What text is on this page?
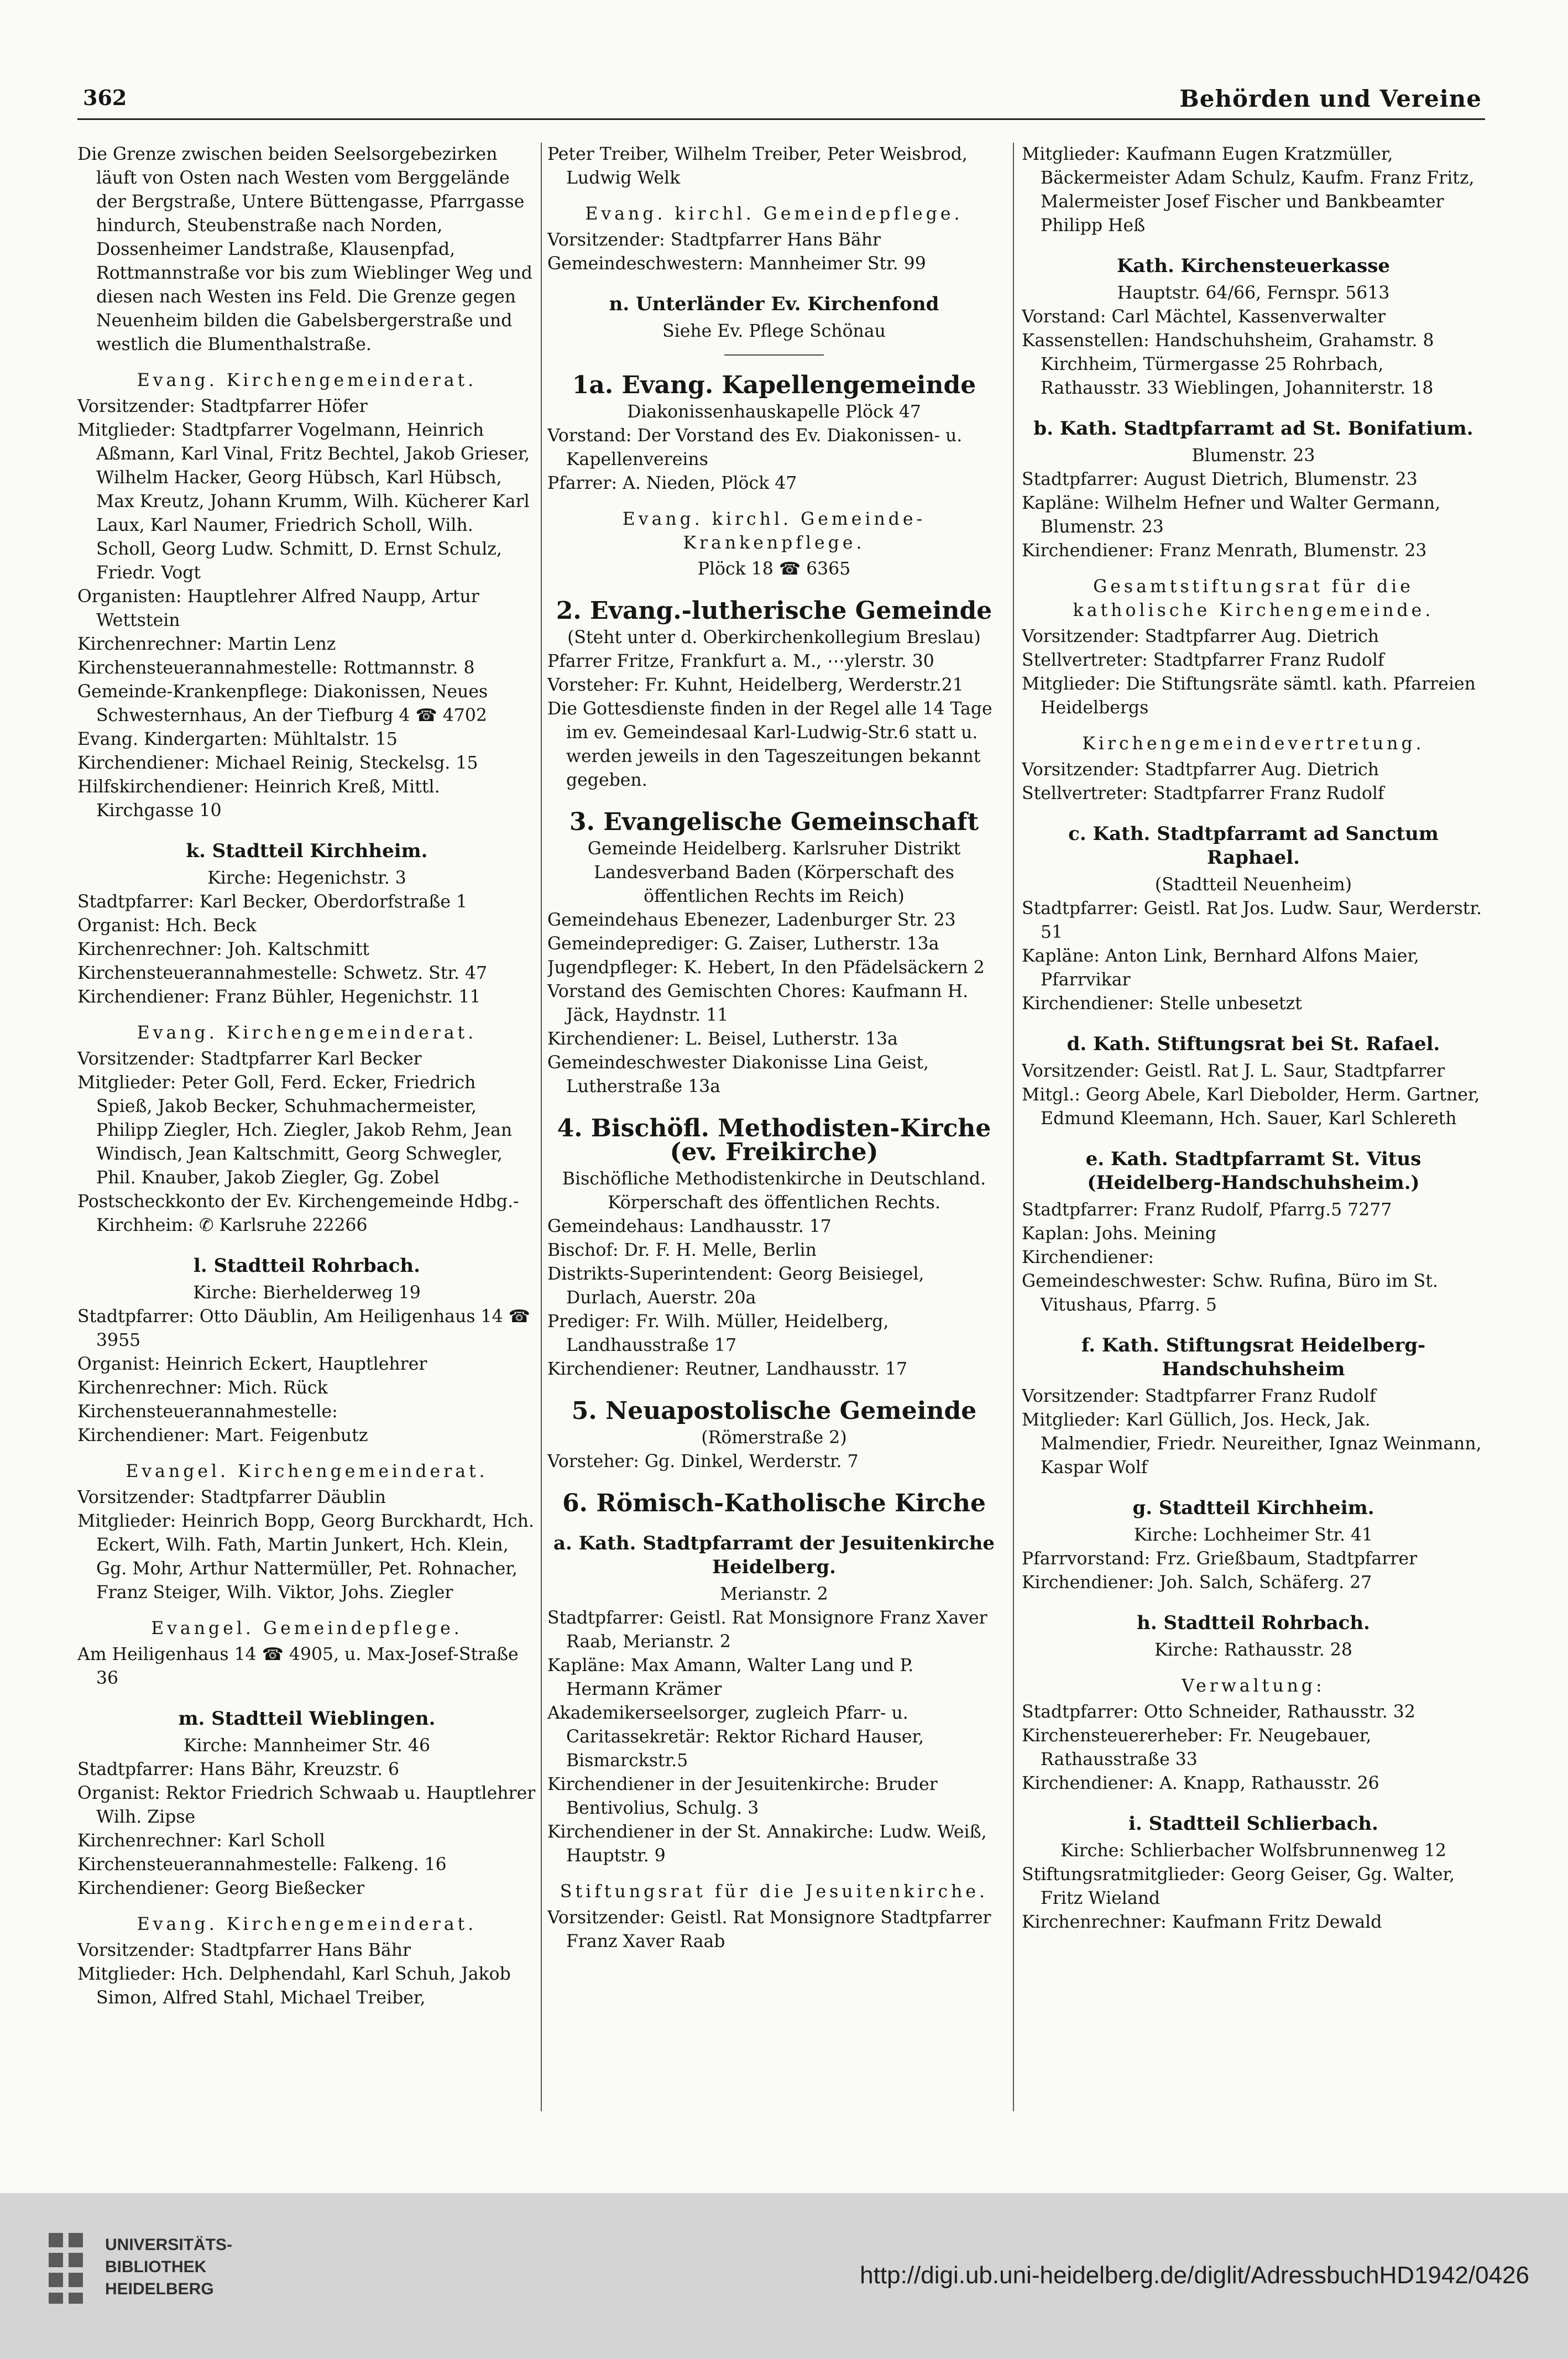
362	Behörden und Vereine
Die Grenze zwischen beiden Seelsorgebezirken läuft von Osten nach Westen vom Berggelände der Bergstraße, Untere Büttengasse, Pfarrgasse hindurch, Steubenstraße nach Norden, Dossenheimer Landstraße, Klausenpfad, Rottmannstraße vor bis zum Wieblinger Weg und diesen nach Westen ins Feld. Die Grenze gegen Neuenheim bilden die Gabelsbergerstraße und westlich die Blumenthalstraße.
Evang. Kirchengemeinderat.
Vorsitzender: Stadtpfarrer Höfer
Mitglieder: Stadtpfarrer Vogelmann, Heinrich Aßmann, Karl Vinal, Fritz Bechtel, Jakob Grieser, Wilhelm Hacker, Georg Hübsch, Karl Hübsch, Max Kreutz, Johann Krumm, Wilh. Kücherer Karl Laux, Karl Naumer, Friedrich Scholl, Wilh. Scholl, Georg Ludw. Schmitt, D. Ernst Schulz, Friedr. Vogt
Organisten: Hauptlehrer Alfred Naupp, Artur Wettstein
Kirchenrechner: Martin Lenz
Kirchensteuerannahmestelle: Rottmannstr. 8
Gemeinde-Krankenpflege: Diakonissen, Neues Schwesternhaus, An der Tiefburg 4 ☎ 4702
Evang. Kindergarten: Mühltalstr. 15
Kirchendiener: Michael Reinig, Steckelsg. 15
Hilfskirchendiener: Heinrich Kreß, Mittl. Kirchgasse 10
k. Stadtteil Kirchheim.
Kirche: Hegenichstr. 3
Stadtpfarrer: Karl Becker, Oberdorfstraße 1
Organist: Hch. Beck
Kirchenrechner: Joh. Kaltschmitt
Kirchensteuerannahmestelle: Schwetz. Str. 47
Kirchendiener: Franz Bühler, Hegenichstr. 11
Evang. Kirchengemeinderat.
Vorsitzender: Stadtpfarrer Karl Becker
Mitglieder: Peter Goll, Ferd. Ecker, Friedrich Spieß, Jakob Becker, Schuhmachermeister, Philipp Ziegler, Hch. Ziegler, Jakob Rehm, Jean Windisch, Jean Kaltschmitt, Georg Schwegler, Phil. Knauber, Jakob Ziegler, Gg. Zobel
Postscheckkonto der Ev. Kirchengemeinde Hdbg.-Kirchheim: ✆ Karlsruhe 22266
l. Stadtteil Rohrbach.
Kirche: Bierhelderweg 19
Stadtpfarrer: Otto Däublin, Am Heiligenhaus 14 ☎ 3955
Organist: Heinrich Eckert, Hauptlehrer
Kirchenrechner: Mich. Rück
Kirchensteuerannahmestelle:
Kirchendiener: Mart. Feigenbutz
Evangel. Kirchengemeinderat.
Vorsitzender: Stadtpfarrer Däublin
Mitglieder: Heinrich Bopp, Georg Burckhardt, Hch. Eckert, Wilh. Fath, Martin Junkert, Hch. Klein, Gg. Mohr, Arthur Nattermüller, Pet. Rohnacher, Franz Steiger, Wilh. Viktor, Johs. Ziegler
Evangel. Gemeindepflege.
Am Heiligenhaus 14 ☎ 4905, u. Max-Josef-Straße 36
m. Stadtteil Wieblingen.
Kirche: Mannheimer Str. 46
Stadtpfarrer: Hans Bähr, Kreuzstr. 6
Organist: Rektor Friedrich Schwaab u. Hauptlehrer Wilh. Zipse
Kirchenrechner: Karl Scholl
Kirchensteuerannahmestelle: Falkeng. 16
Kirchendiener: Georg Bießecker
Evang. Kirchengemeinderat.
Vorsitzender: Stadtpfarrer Hans Bähr
Mitglieder: Hch. Delphendahl, Karl Schuh, Jakob Simon, Alfred Stahl, Michael Treiber,
Peter Treiber, Wilhelm Treiber, Peter Weisbrod, Ludwig Welk
Evang. kirchl. Gemeindepflege.
Vorsitzender: Stadtpfarrer Hans Bähr
Gemeindeschwestern: Mannheimer Str. 99
n. Unterländer Ev. Kirchenfond
Siehe Ev. Pflege Schönau
1a. Evang. Kapellengemeinde
Diakonissenhauskapelle Plöck 47
Vorstand: Der Vorstand des Ev. Diakonissen- u. Kapellenvereins
Pfarrer: A. Nieden, Plöck 47
Evang. kirchl. Gemeinde-Krankenpflege.
Plöck 18 ☎ 6365
2. Evang.-lutherische Gemeinde
(Steht unter d. Oberkirchenkollegium Breslau)
Pfarrer Fritze, Frankfurt a. M., ⋯ylerstr. 30
Vorsteher: Fr. Kuhnt, Heidelberg, Werderstr.21
Die Gottesdienste finden in der Regel alle 14 Tage im ev. Gemeindesaal Karl-Ludwig-Str.6 statt u. werden jeweils in den Tageszeitungen bekannt gegeben.
3. Evangelische Gemeinschaft
Gemeinde Heidelberg. Karlsruher Distrikt Landesverband Baden (Körperschaft des öffentlichen Rechts im Reich)
Gemeindehaus Ebenezer, Ladenburger Str. 23
Gemeindeprediger: G. Zaiser, Lutherstr. 13a
Jugendpfleger: K. Hebert, In den Pfädelsäckern 2
Vorstand des Gemischten Chores: Kaufmann H. Jäck, Haydnstr. 11
Kirchendiener: L. Beisel, Lutherstr. 13a
Gemeindeschwester Diakonisse Lina Geist, Lutherstraße 13a
4. Bischöfl. Methodisten-Kirche (ev. Freikirche)
Bischöfliche Methodistenkirche in Deutschland. Körperschaft des öffentlichen Rechts.
Gemeindehaus: Landhausstr. 17
Bischof: Dr. F. H. Melle, Berlin
Distrikts-Superintendent: Georg Beisiegel, Durlach, Auerstr. 20a
Prediger: Fr. Wilh. Müller, Heidelberg, Landhausstraße 17
Kirchendiener: Reutner, Landhausstr. 17
5. Neuapostolische Gemeinde
(Römerstraße 2)
Vorsteher: Gg. Dinkel, Werderstr. 7
6. Römisch-Katholische Kirche
a. Kath. Stadtpfarramt der Jesuitenkirche Heidelberg.
Merianstr. 2
Stadtpfarrer: Geistl. Rat Monsignore Franz Xaver Raab, Merianstr. 2
Kapläne: Max Amann, Walter Lang und P. Hermann Krämer
Akademikerseelsorger, zugleich Pfarr- u. Caritassekretär: Rektor Richard Hauser, Bismarckstr.5
Kirchendiener in der Jesuitenkirche: Bruder Bentivolius, Schulg. 3
Kirchendiener in der St. Annakirche: Ludw. Weiß, Hauptstr. 9
Stiftungsrat für die Jesuitenkirche.
Vorsitzender: Geistl. Rat Monsignore Stadtpfarrer Franz Xaver Raab
Mitglieder: Kaufmann Eugen Kratzmüller, Bäckermeister Adam Schulz, Kaufm. Franz Fritz, Malermeister Josef Fischer und Bankbeamter Philipp Heß
Kath. Kirchensteuerkasse
Hauptstr. 64/66, Fernspr. 5613
Vorstand: Carl Mächtel, Kassenverwalter
Kassenstellen: Handschuhsheim, Grahamstr. 8 Kirchheim, Türmergasse 25 Rohrbach, Rathausstr. 33 Wieblingen, Johanniterstr. 18
b. Kath. Stadtpfarramt ad St. Bonifatium.
Blumenstr. 23
Stadtpfarrer: August Dietrich, Blumenstr. 23
Kapläne: Wilhelm Hefner und Walter Germann, Blumenstr. 23
Kirchendiener: Franz Menrath, Blumenstr. 23
Gesamtstiftungsrat für die katholische Kirchengemeinde.
Vorsitzender: Stadtpfarrer Aug. Dietrich
Stellvertreter: Stadtpfarrer Franz Rudolf
Mitglieder: Die Stiftungsräte sämtl. kath. Pfarreien Heidelbergs
Kirchengemeindevertretung.
Vorsitzender: Stadtpfarrer Aug. Dietrich
Stellvertreter: Stadtpfarrer Franz Rudolf
c. Kath. Stadtpfarramt ad Sanctum Raphael.
(Stadtteil Neuenheim)
Stadtpfarrer: Geistl. Rat Jos. Ludw. Saur, Werderstr. 51
Kapläne: Anton Link, Bernhard Alfons Maier, Pfarrvikar
Kirchendiener: Stelle unbesetzt
d. Kath. Stiftungsrat bei St. Rafael.
Vorsitzender: Geistl. Rat J. L. Saur, Stadtpfarrer
Mitgl.: Georg Abele, Karl Diebolder, Herm. Gartner, Edmund Kleemann, Hch. Sauer, Karl Schlereth
e. Kath. Stadtpfarramt St. Vitus (Heidelberg-Handschuhsheim.)
Stadtpfarrer: Franz Rudolf, Pfarrg.5 7277
Kaplan: Johs. Meining
Kirchendiener:
Gemeindeschwester: Schw. Rufina, Büro im St. Vitushaus, Pfarrg. 5
f. Kath. Stiftungsrat Heidelberg-Handschuhsheim
Vorsitzender: Stadtpfarrer Franz Rudolf
Mitglieder: Karl Güllich, Jos. Heck, Jak. Malmendier, Friedr. Neureither, Ignaz Weinmann, Kaspar Wolf
g. Stadtteil Kirchheim.
Kirche: Lochheimer Str. 41
Pfarrvorstand: Frz. Grießbaum, Stadtpfarrer
Kirchendiener: Joh. Salch, Schäferg. 27
h. Stadtteil Rohrbach.
Kirche: Rathausstr. 28
Verwaltung:
Stadtpfarrer: Otto Schneider, Rathausstr. 32
Kirchensteuererheber: Fr. Neugebauer, Rathausstraße 33
Kirchendiener: A. Knapp, Rathausstr. 26
i. Stadtteil Schlierbach.
Kirche: Schlierbacher Wolfsbrunnenweg 12
Stiftungsratmitglieder: Georg Geiser, Gg. Walter, Fritz Wieland
Kirchenrechner: Kaufmann Fritz Dewald
UNIVERSITÄTS-
BIBLIOTHEK
HEIDELBERG
http://digi.ub.uni-heidelberg.de/diglit/AdressbuchHD1942/0426
